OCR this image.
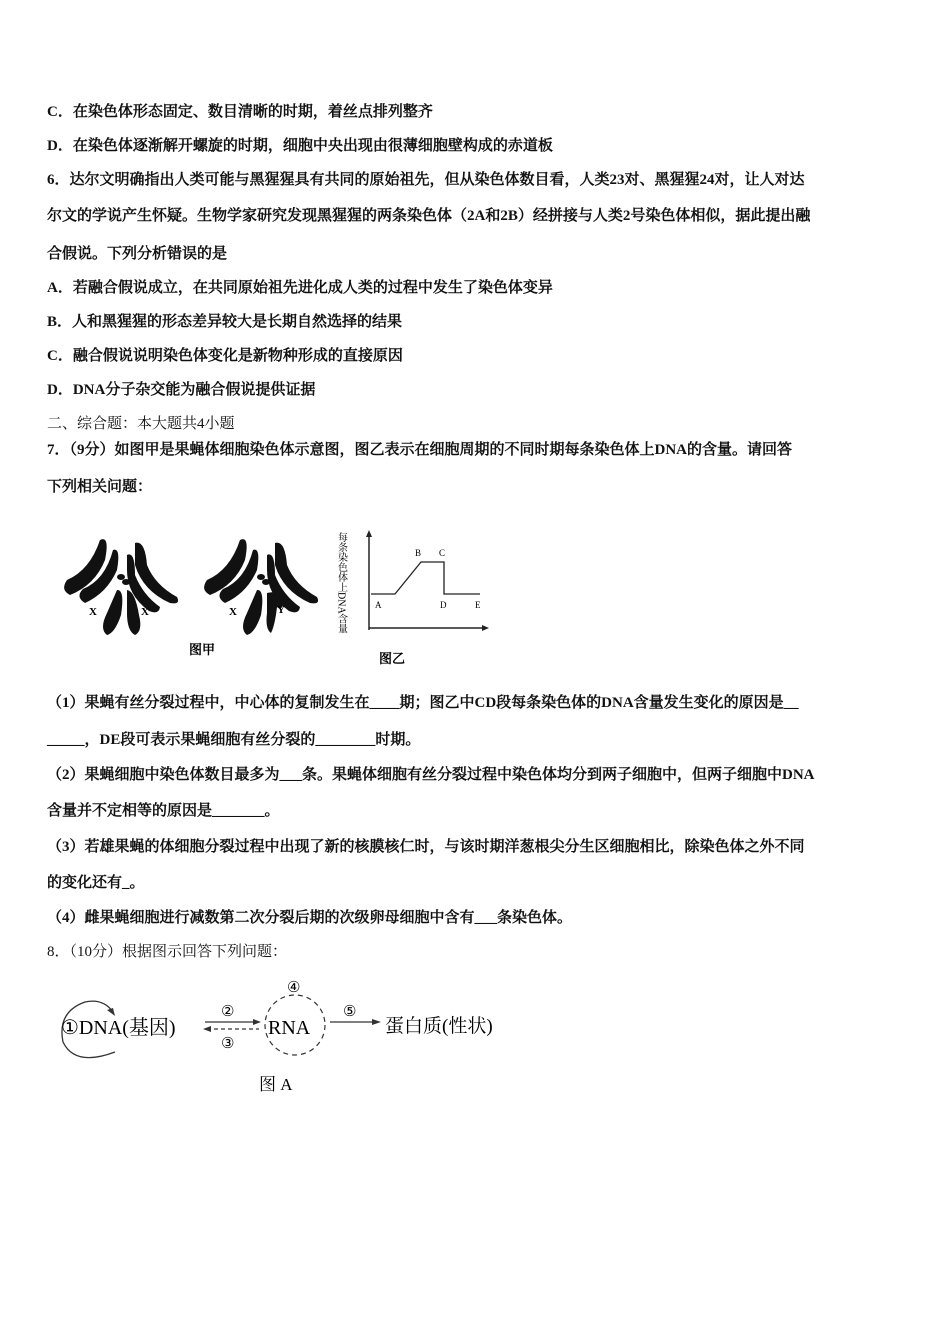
C．在染色体形态固定、数目清晰的时期，着丝点排列整齐
D．在染色体逐渐解开螺旋的时期，细胞中央出现由很薄细胞壁构成的赤道板
6．达尔文明确指出人类可能与黑猩猩具有共同的原始祖先，但从染色体数目看，人类23对、黑猩猩24对，让人对达
尔文的学说产生怀疑。生物学家研究发现黑猩猩的两条染色体（2A和2B）经拼接与人类2号染色体相似，据此提出融
合假说。下列分析错误的是
A．若融合假说成立，在共同原始祖先进化成人类的过程中发生了染色体变异
B．人和黑猩猩的形态差异较大是长期自然选择的结果
C．融合假说说明染色体变化是新物种形成的直接原因
D．DNA分子杂交能为融合假说提供证据
二、综合题：本大题共4小题
7．（9分）如图甲是果蝇体细胞染色体示意图，图乙表示在细胞周期的不同时期每条染色体上DNA的含量。请回答
下列相关问题：
X	X	X	Y
图甲
每条染色体上DNA含量	A
B C
D	E
图乙
（1）果蝇有丝分裂过程中，中心体的复制发生在____期；图乙中CD段每条染色体的DNA含量发生变化的原因是__
_____，DE段可表示果蝇细胞有丝分裂的________时期。
（2）果蝇细胞中染色体数目最多为___条。果蝇体细胞有丝分裂过程中染色体均分到两子细胞中，但两子细胞中DNA
含量并不定相等的原因是_______。
（3）若雄果蝇的体细胞分裂过程中出现了新的核膜核仁时，与该时期洋葱根尖分生区细胞相比，除染色体之外不同
的变化还有_。
（4）雌果蝇细胞进行减数第二次分裂后期的次级卵母细胞中含有___条染色体。
8．（10分）根据图示回答下列问题：
①DNA(基因)
②
③
④
RNA
⑤
蛋白质(性状)
图 A
